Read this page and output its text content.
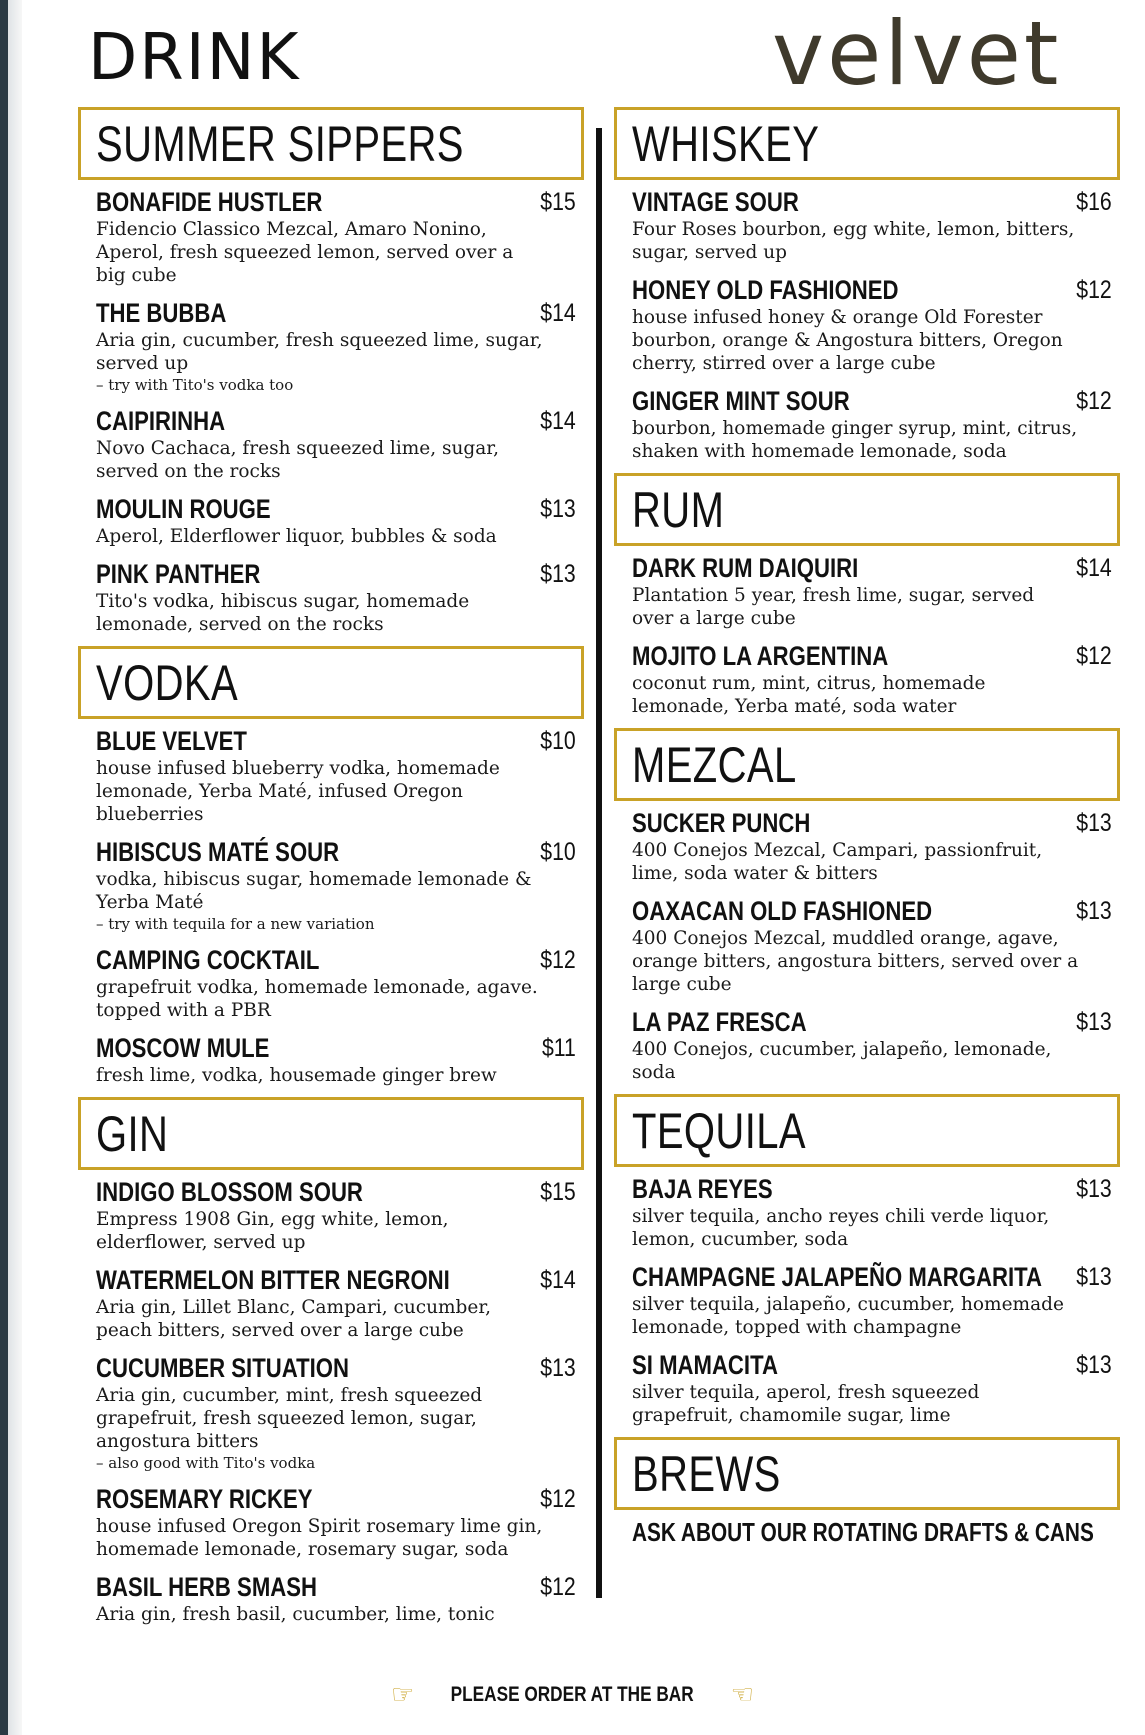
DRINK	velvet
SUMMER SIPPERS
BONAFIDE HUSTLER	$15
Fidencio Classico Mezcal, Amaro Nonino, Aperol, fresh squeezed lemon, served over a big cube
THE BUBBA	$14
Aria gin, cucumber, fresh squeezed lime, sugar, served up
– try with Tito's vodka too
CAIPIRINHA	$14
Novo Cachaca, fresh squeezed lime, sugar, served on the rocks
MOULIN ROUGE	$13
Aperol, Elderflower liquor, bubbles & soda
PINK PANTHER	$13
Tito's vodka, hibiscus sugar, homemade lemonade, served on the rocks
VODKA
BLUE VELVET	$10
house infused blueberry vodka, homemade lemonade, Yerba Maté, infused Oregon blueberries
HIBISCUS MATÉ SOUR	$10
vodka, hibiscus sugar, homemade lemonade & Yerba Maté
– try with tequila for a new variation
CAMPING COCKTAIL	$12
grapefruit vodka, homemade lemonade, agave. topped with a PBR
MOSCOW MULE	$11
fresh lime, vodka, housemade ginger brew
GIN
INDIGO BLOSSOM SOUR	$15
Empress 1908 Gin, egg white, lemon, elderflower, served up
WATERMELON BITTER NEGRONI	$14
Aria gin, Lillet Blanc, Campari, cucumber, peach bitters, served over a large cube
CUCUMBER SITUATION	$13
Aria gin, cucumber, mint, fresh squeezed grapefruit, fresh squeezed lemon, sugar, angostura bitters
– also good with Tito's vodka
ROSEMARY RICKEY	$12
house infused Oregon Spirit rosemary lime gin, homemade lemonade, rosemary sugar, soda
BASIL HERB SMASH	$12
Aria gin, fresh basil, cucumber, lime, tonic
WHISKEY
VINTAGE SOUR	$16
Four Roses bourbon, egg white, lemon, bitters, sugar, served up
HONEY OLD FASHIONED	$12
house infused honey & orange Old Forester bourbon, orange & Angostura bitters, Oregon cherry, stirred over a large cube
GINGER MINT SOUR	$12
bourbon, homemade ginger syrup, mint, citrus, shaken with homemade lemonade, soda
RUM
DARK RUM DAIQUIRI	$14
Plantation 5 year, fresh lime, sugar, served over a large cube
MOJITO LA ARGENTINA	$12
coconut rum, mint, citrus, homemade lemonade, Yerba maté, soda water
MEZCAL
SUCKER PUNCH	$13
400 Conejos Mezcal, Campari, passionfruit, lime, soda water & bitters
OAXACAN OLD FASHIONED	$13
400 Conejos Mezcal, muddled orange, agave, orange bitters, angostura bitters, served over a large cube
LA PAZ FRESCA	$13
400 Conejos, cucumber, jalapeño, lemonade, soda
TEQUILA
BAJA REYES	$13
silver tequila, ancho reyes chili verde liquor, lemon, cucumber, soda
CHAMPAGNE JALAPEÑO MARGARITA $13
silver tequila, jalapeño, cucumber, homemade lemonade, topped with champagne
SI MAMACITA	$13
silver tequila, aperol, fresh squeezed grapefruit, chamomile sugar, lime
BREWS
ASK ABOUT OUR ROTATING DRAFTS & CANS
☞ PLEASE ORDER AT THE BAR ☜
